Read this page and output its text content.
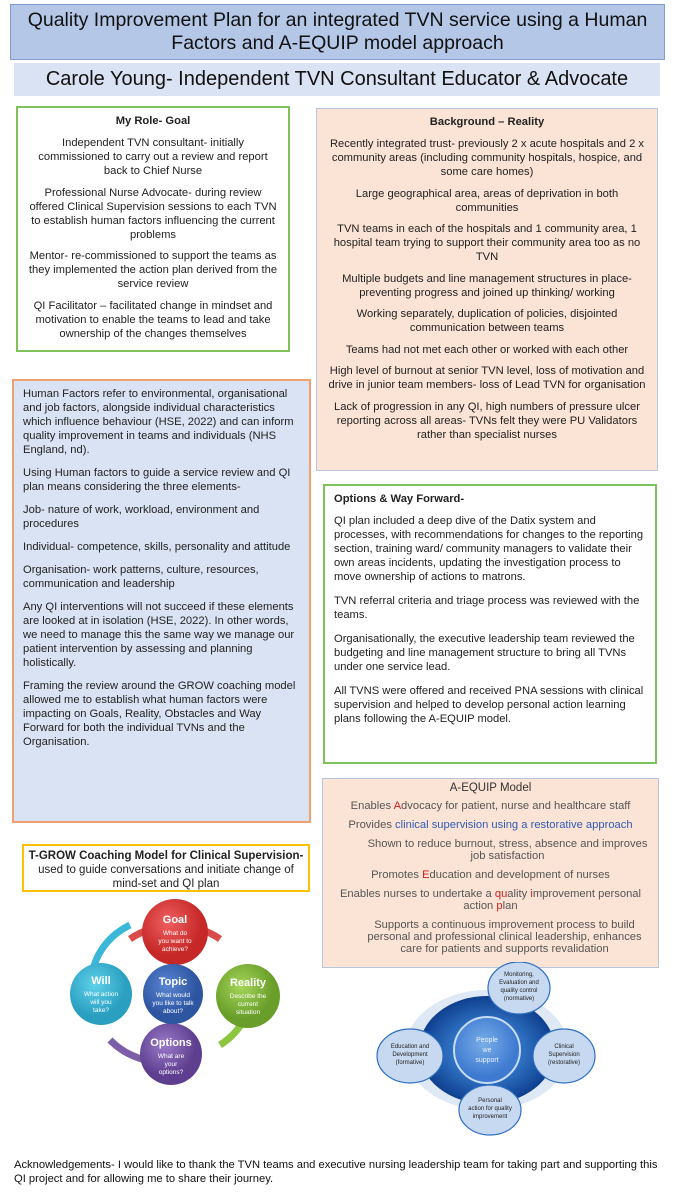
Quality Improvement Plan for an integrated TVN service using a Human
Factors and A-EQUIP model approach
Carole Young- Independent TVN Consultant Educator & Advocate
My Role- Goal

Independent TVN consultant- initially commissioned to carry out a review and report back to Chief Nurse

Professional Nurse Advocate- during review offered Clinical Supervision sessions to each TVN to establish human factors influencing the current problems

Mentor- re-commissioned to support the teams as they implemented the action plan derived from the service review

QI Facilitator – facilitated change in mindset and motivation to enable the teams to lead and take ownership of the changes themselves

Background – Reality

Recently integrated trust- previously 2 x acute hospitals and 2 x community areas (including community hospitals, hospice, and some care homes)

Large geographical area, areas of deprivation in both communities

TVN teams in each of the hospitals and 1 community area, 1 hospital team trying to support their community area too as no TVN

Multiple budgets and line management structures in place- preventing progress and joined up thinking/ working

Working separately, duplication of policies, disjointed communication between teams

Teams had not met each other or worked with each other

High level of burnout at senior TVN level, loss of motivation and drive in junior team members- loss of Lead TVN for organisation

Lack of progression in any QI, high numbers of pressure ulcer reporting across all areas- TVNs felt they were PU Validators rather than specialist nurses

Human Factors refer to environmental, organisational and job factors, alongside individual characteristics which influence behaviour (HSE, 2022) and can inform quality improvement in teams and individuals (NHS England, nd).

Using Human factors to guide a service review and QI plan means considering the three elements-

Job- nature of work, workload, environment and procedures

Individual- competence, skills, personality and attitude

Organisation- work patterns, culture, resources, communication and leadership

Any QI interventions will not succeed if these elements are looked at in isolation (HSE, 2022). In other words, we need to manage this the same way we manage our patient intervention by assessing and planning holistically.

Framing the review around the GROW coaching model allowed me to establish what human factors were impacting on Goals, Reality, Obstacles and Way Forward for both the individual TVNs and the Organisation.

Options & Way Forward-

QI plan included a deep dive of the Datix system and processes, with recommendations for changes to the reporting section, training ward/ community managers to validate their own areas incidents, updating the investigation process to move ownership of actions to matrons.

TVN referral criteria and triage process was reviewed with the teams.

Organisationally, the executive leadership team reviewed the budgeting and line management structure to bring all TVNs under one service lead.

All TVNS were offered and received PNA sessions with clinical supervision and helped to develop personal action learning plans following the A-EQUIP model.

A-EQUIP Model
Enables Advocacy for patient, nurse and healthcare staff
Provides clinical supervision using a restorative approach
Shown to reduce burnout, stress, absence and improves job satisfaction
Promotes Education and development of nurses
Enables nurses to undertake a quality improvement personal action plan
Supports a continuous improvement process to build personal and professional clinical leadership, enhances care for patients and supports revalidation
T-GROW Coaching Model for Clinical Supervision- used to guide conversations and initiate change of mind-set and QI plan
Goal
What do
you want to
achieve?
Reality
Describe the
current
situation
Options
What are
your
options?
Will
What action
will you
take?
Topic
What would
you like to talk
about?
People
we
support
Monitoring,
Evaluation and
quality control
(normative)
Education and
Development
(formative)
Clinical
Supervision
(restorative)
Personal
action for quality
improvement
Acknowledgements- I would like to thank the TVN teams and executive nursing leadership team for taking part and supporting this QI project and for allowing me to share their journey.
